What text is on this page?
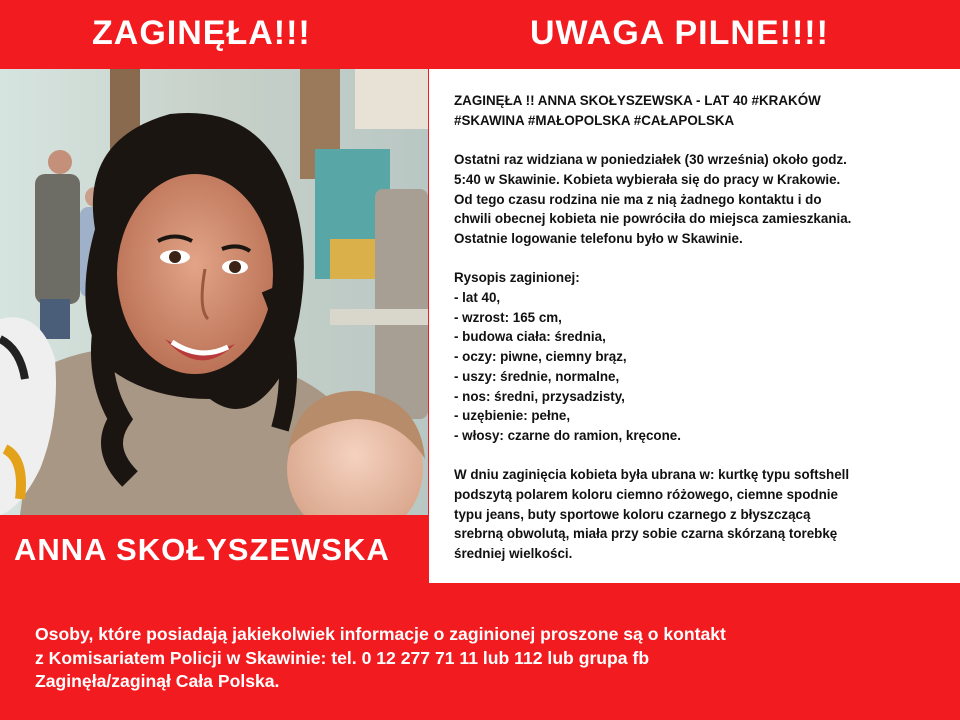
ZAGINĘŁA!!!	UWAGA PILNE!!!!
ANNA SKOŁYSZEWSKA
ZAGINĘŁA !! ANNA SKOŁYSZEWSKA - LAT 40 #KRAKÓW
#SKAWINA #MAŁOPOLSKA #CAŁAPOLSKA
Ostatni raz widziana w poniedziałek (30 września) około godz.
5:40 w Skawinie. Kobieta wybierała się do pracy w Krakowie.
Od tego czasu rodzina nie ma z nią żadnego kontaktu i do
chwili obecnej kobieta nie powróciła do miejsca zamieszkania.
Ostatnie logowanie telefonu było w Skawinie.
Rysopis zaginionej:
- lat 40,
- wzrost: 165 cm,
- budowa ciała: średnia,
- oczy: piwne, ciemny brąz,
- uszy: średnie, normalne,
- nos: średni, przysadzisty,
- uzębienie: pełne,
- włosy: czarne do ramion, kręcone.
W dniu zaginięcia kobieta była ubrana w: kurtkę typu softshell
podszytą polarem koloru ciemno różowego, ciemne spodnie
typu jeans, buty sportowe koloru czarnego z błyszczącą
srebrną obwolutą, miała przy sobie czarna skórzaną torebkę
średniej wielkości.
Osoby, które posiadają jakiekolwiek informacje o zaginionej proszone są o kontakt
z Komisariatem Policji w Skawinie: tel. 0 12 277 71 11 lub 112 lub grupa fb
Zaginęła/zaginął Cała Polska.
